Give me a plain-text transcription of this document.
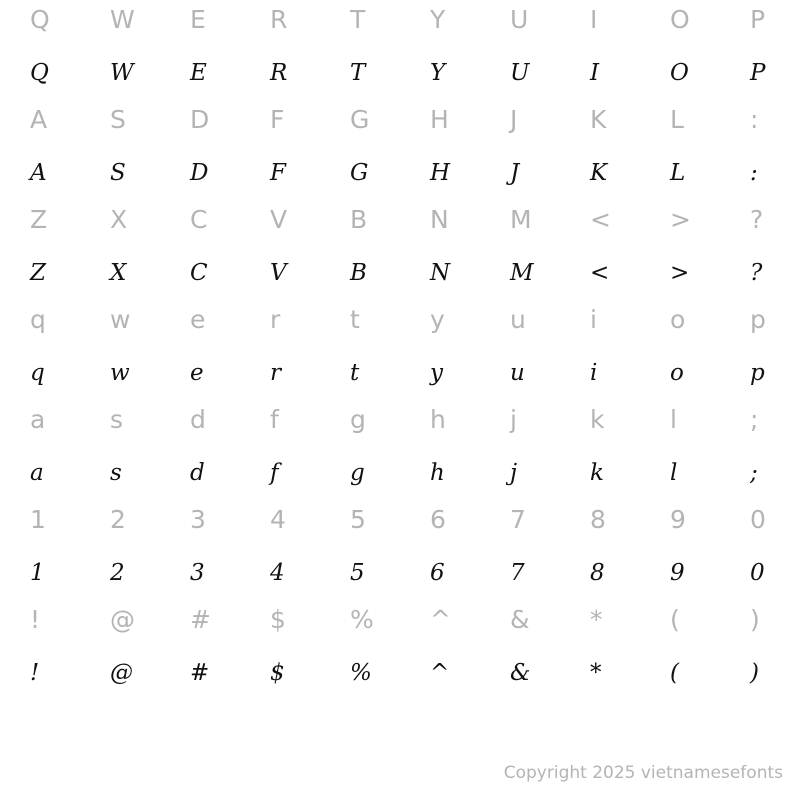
Q	W	E	R	T	Y	U	I	O	P
Q	W	E	R	T	Y	U	I	O	P
A	S	D	F	G	H	J	K	L	:
A	S	D	F	G	H	J	K	L	:
Z	X	C	V	B	N	M	<	>	?
Z	X	C	V	B	N	M	<	>	?
q	w	e	r	t	y	u	i	o	p
q	w	e	r	t	y	u	i	o	p
a	s	d	f	g	h	j	k	l	;
a	s	d	f	g	h	j	k	l	;
1	2	3	4	5	6	7	8	9	0
1	2	3	4	5	6	7	8	9	0
!	@	#	$	%	^	&	*	(	)
!	@	#	$	%	^	&	*	(	)
Copyright 2025 vietnamesefonts
